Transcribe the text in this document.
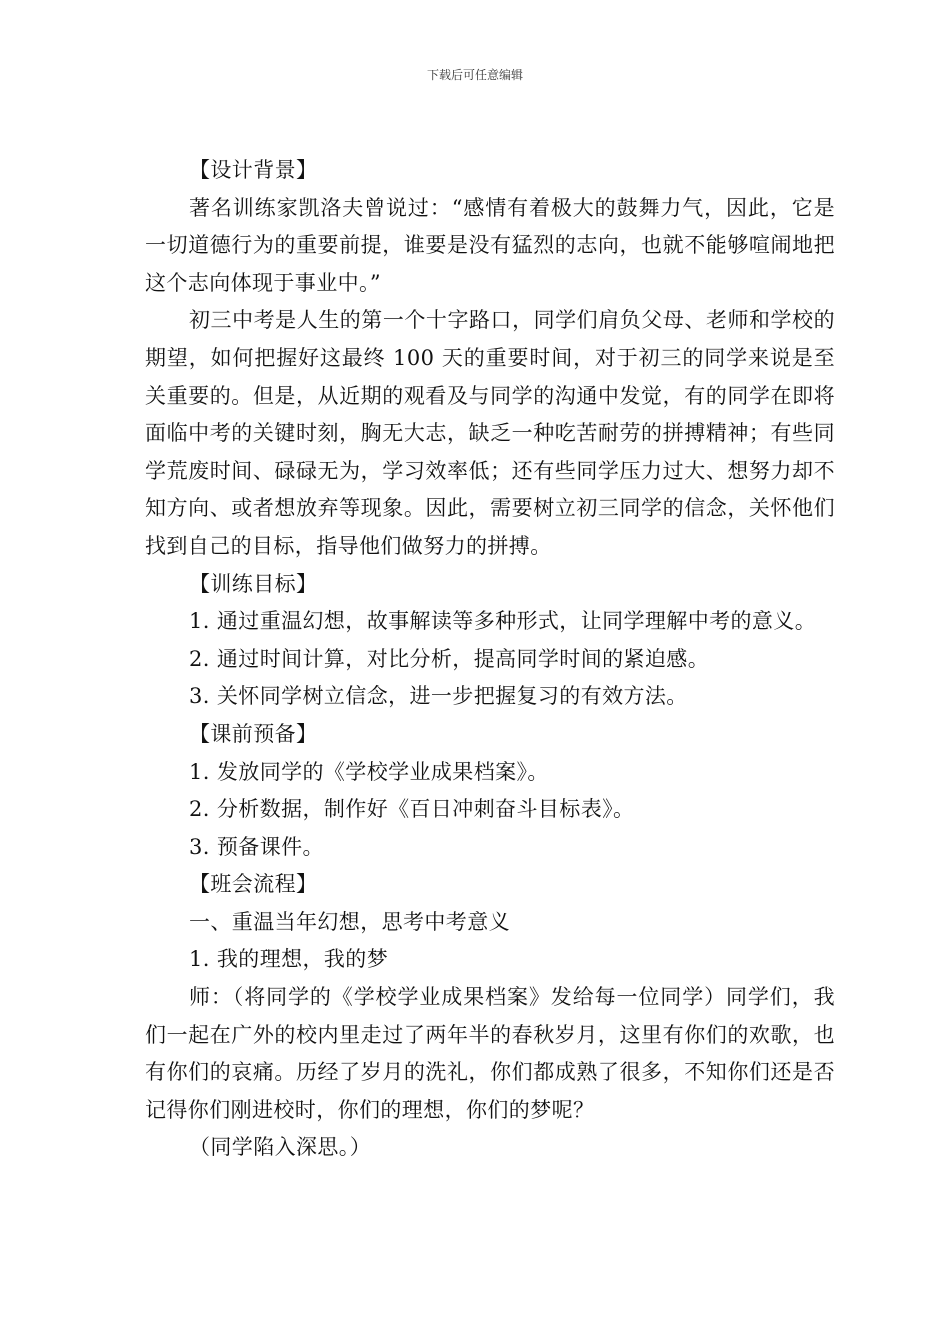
下载后可任意编辑

【设计背景】

著名训练家凯洛夫曾说过：“感情有着极大的鼓舞力气，因此，它是一切道德行为的重要前提，谁要是没有猛烈的志向，也就不能够喧闹地把这个志向体现于事业中。”

初三中考是人生的第一个十字路口，同学们肩负父母、老师和学校的期望，如何把握好这最终 100 天的重要时间，对于初三的同学来说是至关重要的。但是，从近期的观看及与同学的沟通中发觉，有的同学在即将面临中考的关键时刻，胸无大志，缺乏一种吃苦耐劳的拼搏精神；有些同学荒废时间、碌碌无为，学习效率低；还有些同学压力过大、想努力却不知方向、或者想放弃等现象。因此，需要树立初三同学的信念，关怀他们找到自己的目标，指导他们做努力的拼搏。

【训练目标】

1. 通过重温幻想，故事解读等多种形式，让同学理解中考的意义。

2. 通过时间计算，对比分析，提高同学时间的紧迫感。

3. 关怀同学树立信念，进一步把握复习的有效方法。

【课前预备】

1. 发放同学的《学校学业成果档案》。

2. 分析数据，制作好《百日冲刺奋斗目标表》。

3. 预备课件。

【班会流程】

一、重温当年幻想，思考中考意义

1. 我的理想，我的梦

师：（将同学的《学校学业成果档案》发给每一位同学）同学们，我们一起在广外的校内里走过了两年半的春秋岁月，这里有你们的欢歌，也有你们的哀痛。历经了岁月的洗礼，你们都成熟了很多，不知你们还是否记得你们刚进校时，你们的理想，你们的梦呢？

（同学陷入深思。）
